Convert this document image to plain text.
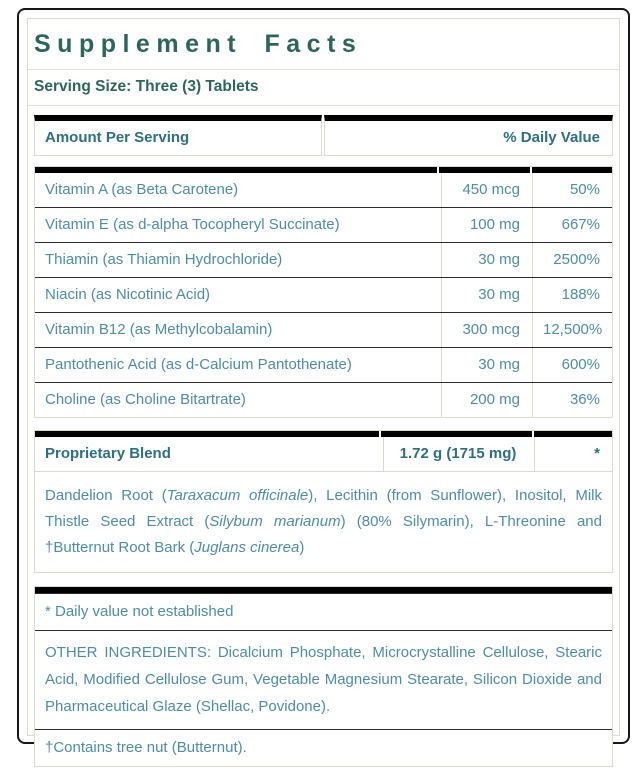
Supplement Facts
Serving Size: Three (3) Tablets
Amount Per Serving	% Daily Value
Vitamin A (as Beta Carotene)	450 mcg	50%
Vitamin E (as d-alpha Tocopheryl Succinate)	100 mg	667%
Thiamin (as Thiamin Hydrochloride)	30 mg	2500%
Niacin (as Nicotinic Acid)	30 mg	188%
Vitamin B12 (as Methylcobalamin)	300 mcg	12,500%
Pantothenic Acid (as d-Calcium Pantothenate)	30 mg	600%
Choline (as Choline Bitartrate)	200 mg	36%
Proprietary Blend	1.72 g (1715 mg)	*
Dandelion Root (Taraxacum officinale), Lecithin (from Sunflower), Inositol, Milk Thistle Seed Extract (Silybum marianum) (80% Silymarin), L-Threonine and †Butternut Root Bark (Juglans cinerea)
* Daily value not established
OTHER INGREDIENTS: Dicalcium Phosphate, Microcrystalline Cellulose, Stearic Acid, Modified Cellulose Gum, Vegetable Magnesium Stearate, Silicon Dioxide and Pharmaceutical Glaze (Shellac, Povidone).
†Contains tree nut (Butternut).
